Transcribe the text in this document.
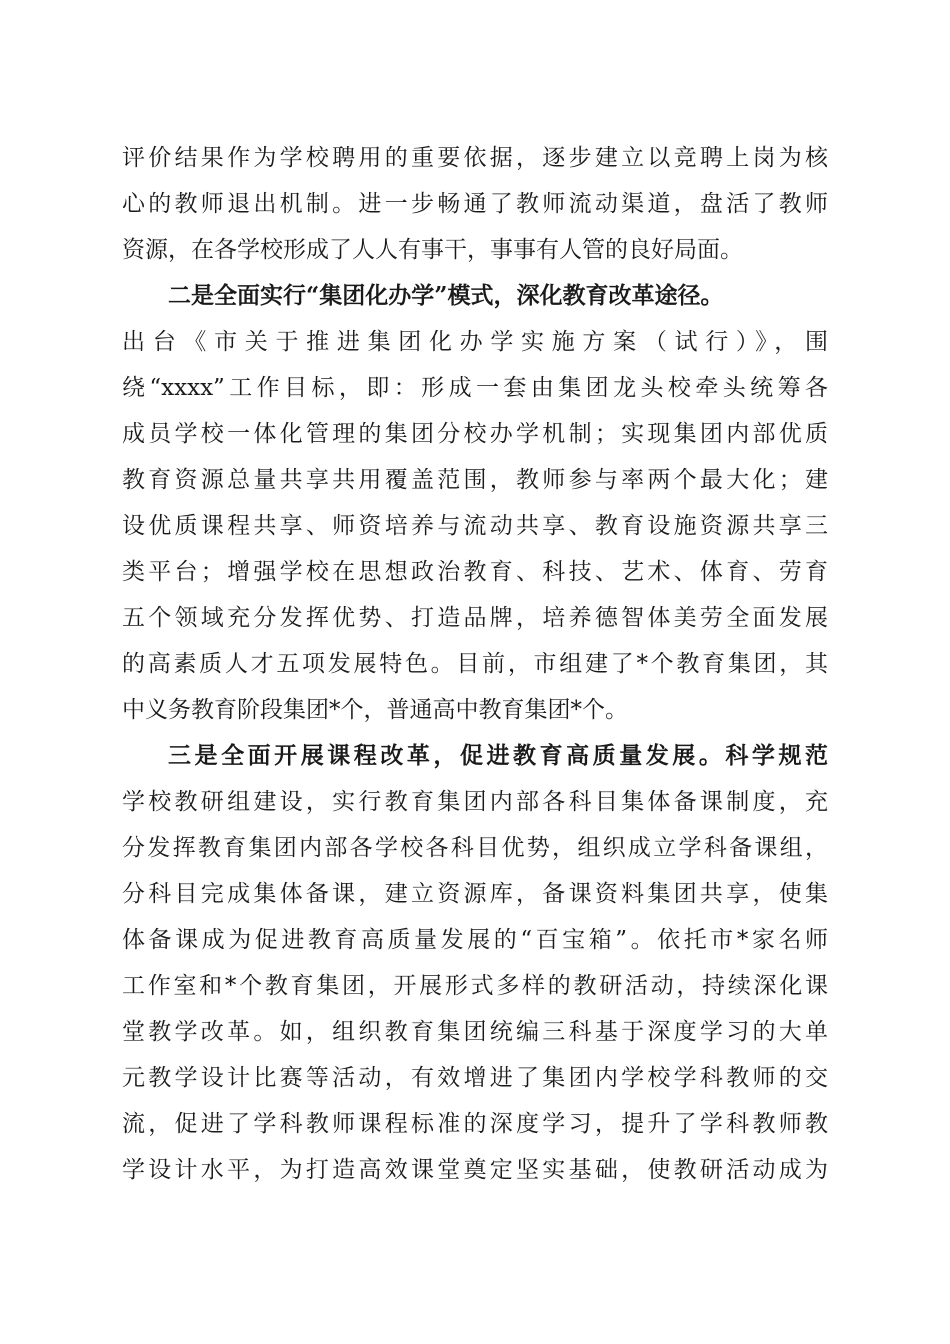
评价结果作为学校聘用的重要依据，逐步建立以竞聘上岗为核
心的教师退出机制。进一步畅通了教师流动渠道，盘活了教师
资源，在各学校形成了人人有事干，事事有人管的良好局面。
二是全面实行“集团化办学”模式，深化教育改革途径。
出台《市关于推进集团化办学实施方案（试行）》，围
绕“xxxx”工作目标，即：形成一套由集团龙头校牵头统筹各
成员学校一体化管理的集团分校办学机制；实现集团内部优质
教育资源总量共享共用覆盖范围，教师参与率两个最大化；建
设优质课程共享、师资培养与流动共享、教育设施资源共享三
类平台；增强学校在思想政治教育、科技、艺术、体育、劳育
五个领域充分发挥优势、打造品牌，培养德智体美劳全面发展
的高素质人才五项发展特色。目前，市组建了*个教育集团，其
中义务教育阶段集团*个，普通高中教育集团*个。
三是全面开展课程改革，促进教育高质量发展。科学规范
学校教研组建设，实行教育集团内部各科目集体备课制度，充
分发挥教育集团内部各学校各科目优势，组织成立学科备课组，
分科目完成集体备课，建立资源库，备课资料集团共享，使集
体备课成为促进教育高质量发展的“百宝箱”。依托市*家名师
工作室和*个教育集团，开展形式多样的教研活动，持续深化课
堂教学改革。如，组织教育集团统编三科基于深度学习的大单
元教学设计比赛等活动，有效增进了集团内学校学科教师的交
流，促进了学科教师课程标准的深度学习，提升了学科教师教
学设计水平，为打造高效课堂奠定坚实基础，使教研活动成为
